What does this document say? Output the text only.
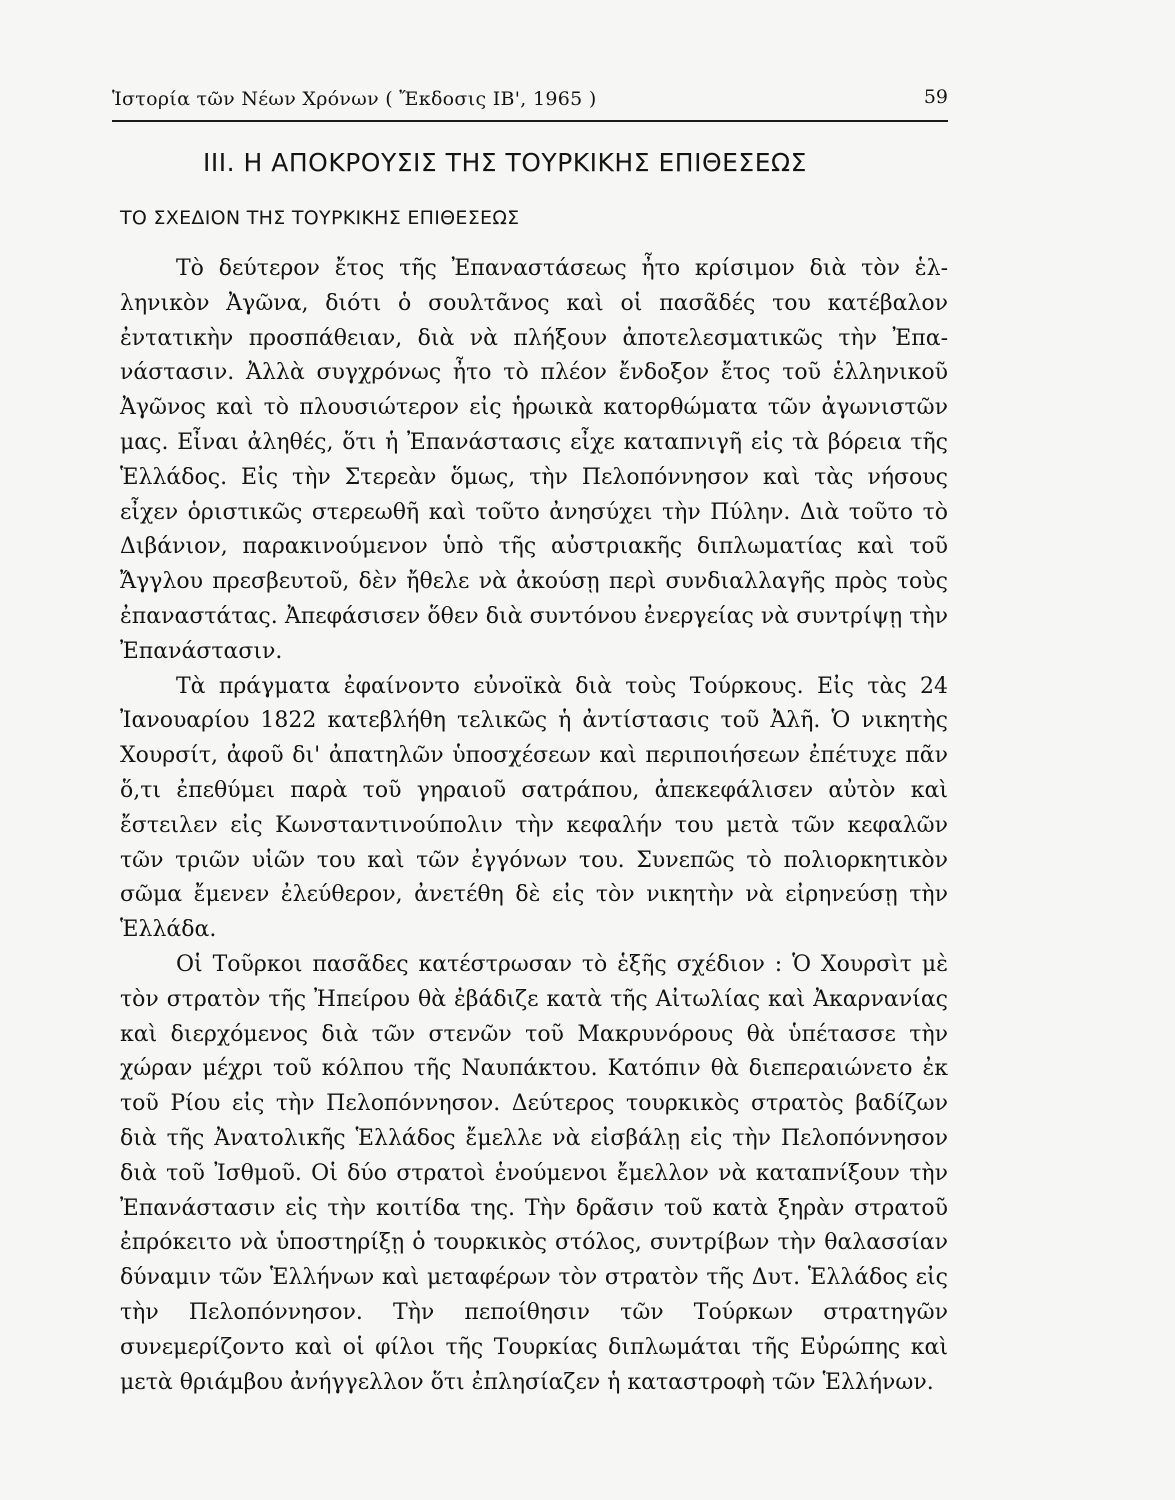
Ἱστορία τῶν Νέων Χρόνων ( Ἔκδοσις ΙΒ', 1965 )	59
III. Η ΑΠΟΚΡΟΥΣΙΣ ΤΗΣ ΤΟΥΡΚΙΚΗΣ ΕΠΙΘΕΣΕΩΣ
ΤΟ ΣΧΕΔΙΟΝ ΤΗΣ ΤΟΥΡΚΙΚΗΣ ΕΠΙΘΕΣΕΩΣ

Τὸ δεύτερον ἔτος τῆς Ἐπαναστάσεως ἦτο κρίσιμον διὰ τὸν ἑλληνικὸν Ἀγῶνα, διότι ὁ σουλτᾶνος καὶ οἱ πασᾶδές του κατέβαλον ἐντατικὴν προσπάθειαν, διὰ νὰ πλήξουν ἀποτελεσματικῶς τὴν Ἐπανάστασιν. Ἀλλὰ συγχρόνως ἦτο τὸ πλέον ἔνδοξον ἔτος τοῦ ἑλληνικοῦ Ἀγῶνος καὶ τὸ πλουσιώτερον εἰς ἡρωικὰ κατορθώματα τῶν ἀγωνιστῶν μας. Εἶναι ἀληθές, ὅτι ἡ Ἐπανάστασις εἶχε καταπνιγῆ εἰς τὰ βόρεια τῆς Ἑλλάδος. Εἰς τὴν Στερεὰν ὅμως, τὴν Πελοπόννησον καὶ τὰς νήσους εἶχεν ὁριστικῶς στερεωθῆ καὶ τοῦτο ἀνησύχει τὴν Πύλην. Διὰ τοῦτο τὸ Διβάνιον, παρακινούμενον ὑπὸ τῆς αὐστριακῆς διπλωματίας καὶ τοῦ Ἄγγλου πρεσβευτοῦ, δὲν ἤθελε νὰ ἀκούσῃ περὶ συνδιαλλαγῆς πρὸς τοὺς ἐπαναστάτας. Ἀπεφάσισεν ὅθεν διὰ συντόνου ἐνεργείας νὰ συντρίψῃ τὴν Ἐπανάστασιν.

Τὰ πράγματα ἐφαίνοντο εὐνοϊκὰ διὰ τοὺς Τούρκους. Εἰς τὰς 24 Ἰανουαρίου 1822 κατεβλήθη τελικῶς ἡ ἀντίστασις τοῦ Ἀλῆ. Ὁ νικητὴς Χουρσίτ, ἀφοῦ δι' ἀπατηλῶν ὑποσχέσεων καὶ περιποιήσεων ἐπέτυχε πᾶν ὅ,τι ἐπεθύμει παρὰ τοῦ γηραιοῦ σατράπου, ἀπεκεφάλισεν αὐτὸν καὶ ἔστειλεν εἰς Κωνσταντινούπολιν τὴν κεφαλήν του μετὰ τῶν κεφαλῶν τῶν τριῶν υἱῶν του καὶ τῶν ἐγγόνων του. Συνεπῶς τὸ πολιορκητικὸν σῶμα ἔμενεν ἐλεύθερον, ἀνετέθη δὲ εἰς τὸν νικητὴν νὰ εἰρηνεύσῃ τὴν Ἑλλάδα.

Οἱ Τοῦρκοι πασᾶδες κατέστρωσαν τὸ ἑξῆς σχέδιον : Ὁ Χουρσὶτ μὲ τὸν στρατὸν τῆς Ἠπείρου θὰ ἐβάδιζε κατὰ τῆς Αἰτωλίας καὶ Ἀκαρνανίας καὶ διερχόμενος διὰ τῶν στενῶν τοῦ Μακρυνόρους θὰ ὑπέτασσε τὴν χώραν μέχρι τοῦ κόλπου τῆς Ναυπάκτου. Κατόπιν θὰ διεπεραιώνετο ἐκ τοῦ Ρίου εἰς τὴν Πελοπόννησον. Δεύτερος τουρκικὸς στρατὸς βαδίζων διὰ τῆς Ἀνατολικῆς Ἑλλάδος ἔμελλε νὰ εἰσβάλῃ εἰς τὴν Πελοπόννησον διὰ τοῦ Ἰσθμοῦ. Οἱ δύο στρατοὶ ἑνούμενοι ἔμελλον νὰ καταπνίξουν τὴν Ἐπανάστασιν εἰς τὴν κοιτίδα της. Τὴν δρᾶσιν τοῦ κατὰ ξηρὰν στρατοῦ ἐπρόκειτο νὰ ὑποστηρίξῃ ὁ τουρκικὸς στόλος, συντρίβων τὴν θαλασσίαν δύναμιν τῶν Ἑλλήνων καὶ μεταφέρων τὸν στρατὸν τῆς Δυτ. Ἑλλάδος εἰς τὴν Πελοπόννησον. Τὴν πεποίθησιν τῶν Τούρκων στρατηγῶν συνεμερίζοντο καὶ οἱ φίλοι τῆς Τουρκίας διπλωμάται τῆς Εὐρώπης καὶ μετὰ θριάμβου ἀνήγγελλον ὅτι ἐπλησίαζεν ἡ καταστροφὴ τῶν Ἑλλήνων.
